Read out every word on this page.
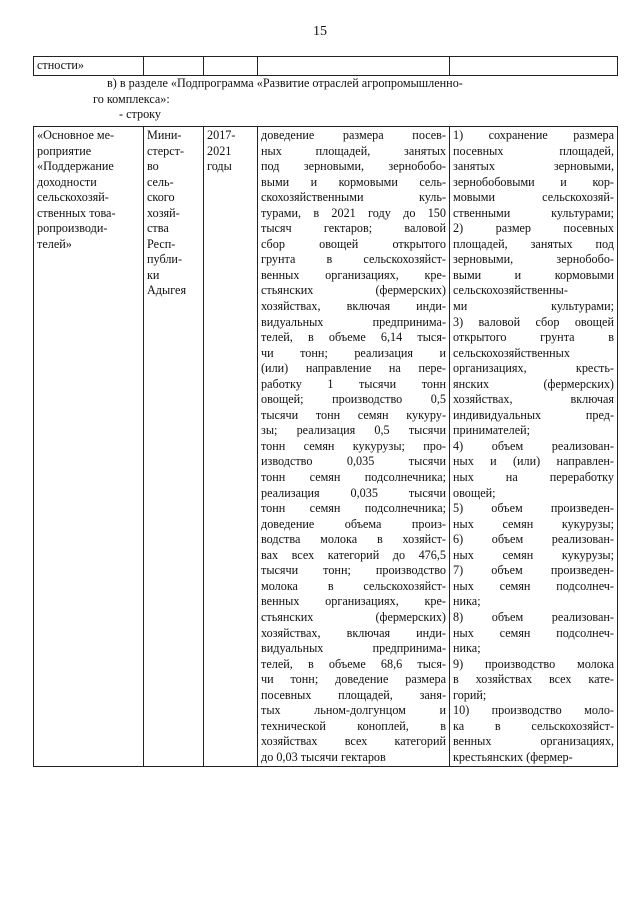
15
стности»				
в) в разделе «Подпрограмма «Развитие отраслей агропромышленно-
го комплекса»:
- строку
«Основное ме-
роприятие
«Поддержание
доходности
сельскохозяй-
ственных това-
ропроизводи-
телей»

Мини-
стерст-
во
сель-
ского
хозяй-
ства
Респ-
публи-
ки
Адыгея

2017-
2021
годы

доведение размера посев-
ных площадей, занятых
под зерновыми, зернобобо-
выми и кормовыми сель-
скохозяйственными куль-
турами, в 2021 году до 150
тысяч гектаров; валовой
сбор овощей открытого
грунта в сельскохозяйст-
венных организациях, кре-
стьянских (фермерских)
хозяйствах, включая инди-
видуальных предпринима-
телей, в объеме 6,14 тыся-
чи тонн; реализация и
(или) направление на пере-
работку 1 тысячи тонн
овощей; производство 0,5
тысячи тонн семян кукуру-
зы; реализация 0,5 тысячи
тонн семян кукурузы; про-
изводство 0,035 тысячи
тонн семян подсолнечника;
реализация 0,035 тысячи
тонн семян подсолнечника;
доведение объема произ-
водства молока в хозяйст-
вах всех категорий до 476,5
тысячи тонн; производство
молока в сельскохозяйст-
венных организациях, кре-
стьянских (фермерских)
хозяйствах, включая инди-
видуальных предпринима-
телей, в объеме 68,6 тыся-
чи тонн; доведение размера
посевных площадей, заня-
тых льном-долгунцом и
технической коноплей, в
хозяйствах всех категорий
до 0,03 тысячи гектаров

1) сохранение размера
посевных площадей,
занятых зерновыми,
зернобобовыми и кор-
мовыми сельскохозяй-
ственными культурами;
2) размер посевных
площадей, занятых под
зерновыми, зернобобо-
выми и кормовыми
сельскохозяйственны-
ми культурами;
3) валовой сбор овощей
открытого грунта в
сельскохозяйственных
организациях, кресть-
янских (фермерских)
хозяйствах, включая
индивидуальных пред-
принимателей;
4) объем реализован-
ных и (или) направлен-
ных на переработку
овощей;
5) объем произведен-
ных семян кукурузы;
6) объем реализован-
ных семян кукурузы;
7) объем произведен-
ных семян подсолнеч-
ника;
8) объем реализован-
ных семян подсолнеч-
ника;
9) производство молока
в хозяйствах всех кате-
горий;
10) производство моло-
ка в сельскохозяйст-
венных организациях,
крестьянских (фермер-
